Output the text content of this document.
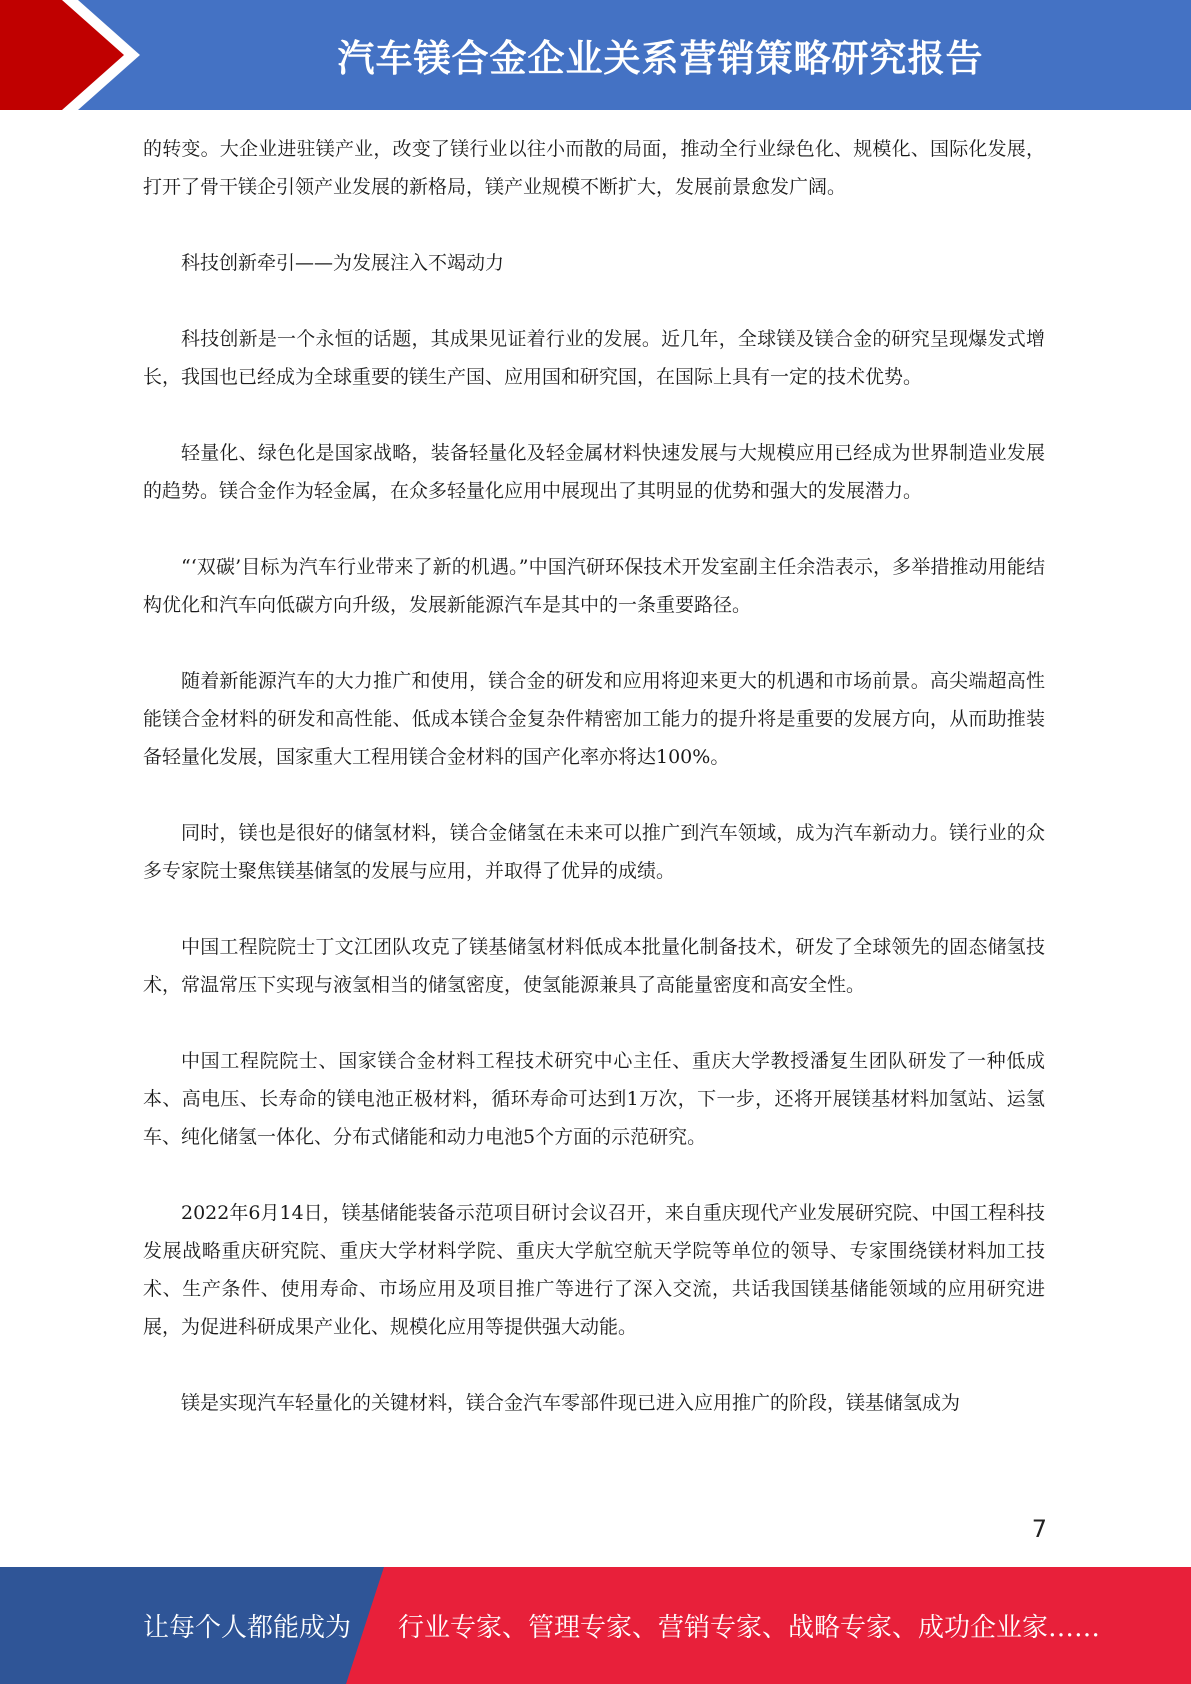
汽车镁合金企业关系营销策略研究报告

的转变。大企业进驻镁产业，改变了镁行业以往小而散的局面，推动全行业绿色化、规模化、国际化发展，打开了骨干镁企引领产业发展的新格局，镁产业规模不断扩大，发展前景愈发广阔。

科技创新牵引——为发展注入不竭动力

科技创新是一个永恒的话题，其成果见证着行业的发展。近几年，全球镁及镁合金的研究呈现爆发式增长，我国也已经成为全球重要的镁生产国、应用国和研究国，在国际上具有一定的技术优势。

轻量化、绿色化是国家战略，装备轻量化及轻金属材料快速发展与大规模应用已经成为世界制造业发展的趋势。镁合金作为轻金属，在众多轻量化应用中展现出了其明显的优势和强大的发展潜力。

“‘双碳’目标为汽车行业带来了新的机遇。”中国汽研环保技术开发室副主任余浩表示，多举措推动用能结构优化和汽车向低碳方向升级，发展新能源汽车是其中的一条重要路径。

随着新能源汽车的大力推广和使用，镁合金的研发和应用将迎来更大的机遇和市场前景。高尖端超高性能镁合金材料的研发和高性能、低成本镁合金复杂件精密加工能力的提升将是重要的发展方向，从而助推装备轻量化发展，国家重大工程用镁合金材料的国产化率亦将达100%。

同时，镁也是很好的储氢材料，镁合金储氢在未来可以推广到汽车领域，成为汽车新动力。镁行业的众多专家院士聚焦镁基储氢的发展与应用，并取得了优异的成绩。

中国工程院院士丁文江团队攻克了镁基储氢材料低成本批量化制备技术，研发了全球领先的固态储氢技术，常温常压下实现与液氢相当的储氢密度，使氢能源兼具了高能量密度和高安全性。

中国工程院院士、国家镁合金材料工程技术研究中心主任、重庆大学教授潘复生团队研发了一种低成本、高电压、长寿命的镁电池正极材料，循环寿命可达到1万次，下一步，还将开展镁基材料加氢站、运氢车、纯化储氢一体化、分布式储能和动力电池5个方面的示范研究。

2022年6月14日，镁基储能装备示范项目研讨会议召开，来自重庆现代产业发展研究院、中国工程科技发展战略重庆研究院、重庆大学材料学院、重庆大学航空航天学院等单位的领导、专家围绕镁材料加工技术、生产条件、使用寿命、市场应用及项目推广等进行了深入交流，共话我国镁基储能领域的应用研究进展，为促进科研成果产业化、规模化应用等提供强大动能。

镁是实现汽车轻量化的关键材料，镁合金汽车零部件现已进入应用推广的阶段，镁基储氢成为

7
让每个人都能成为 行业专家、管理专家、营销专家、战略专家、成功企业家……
